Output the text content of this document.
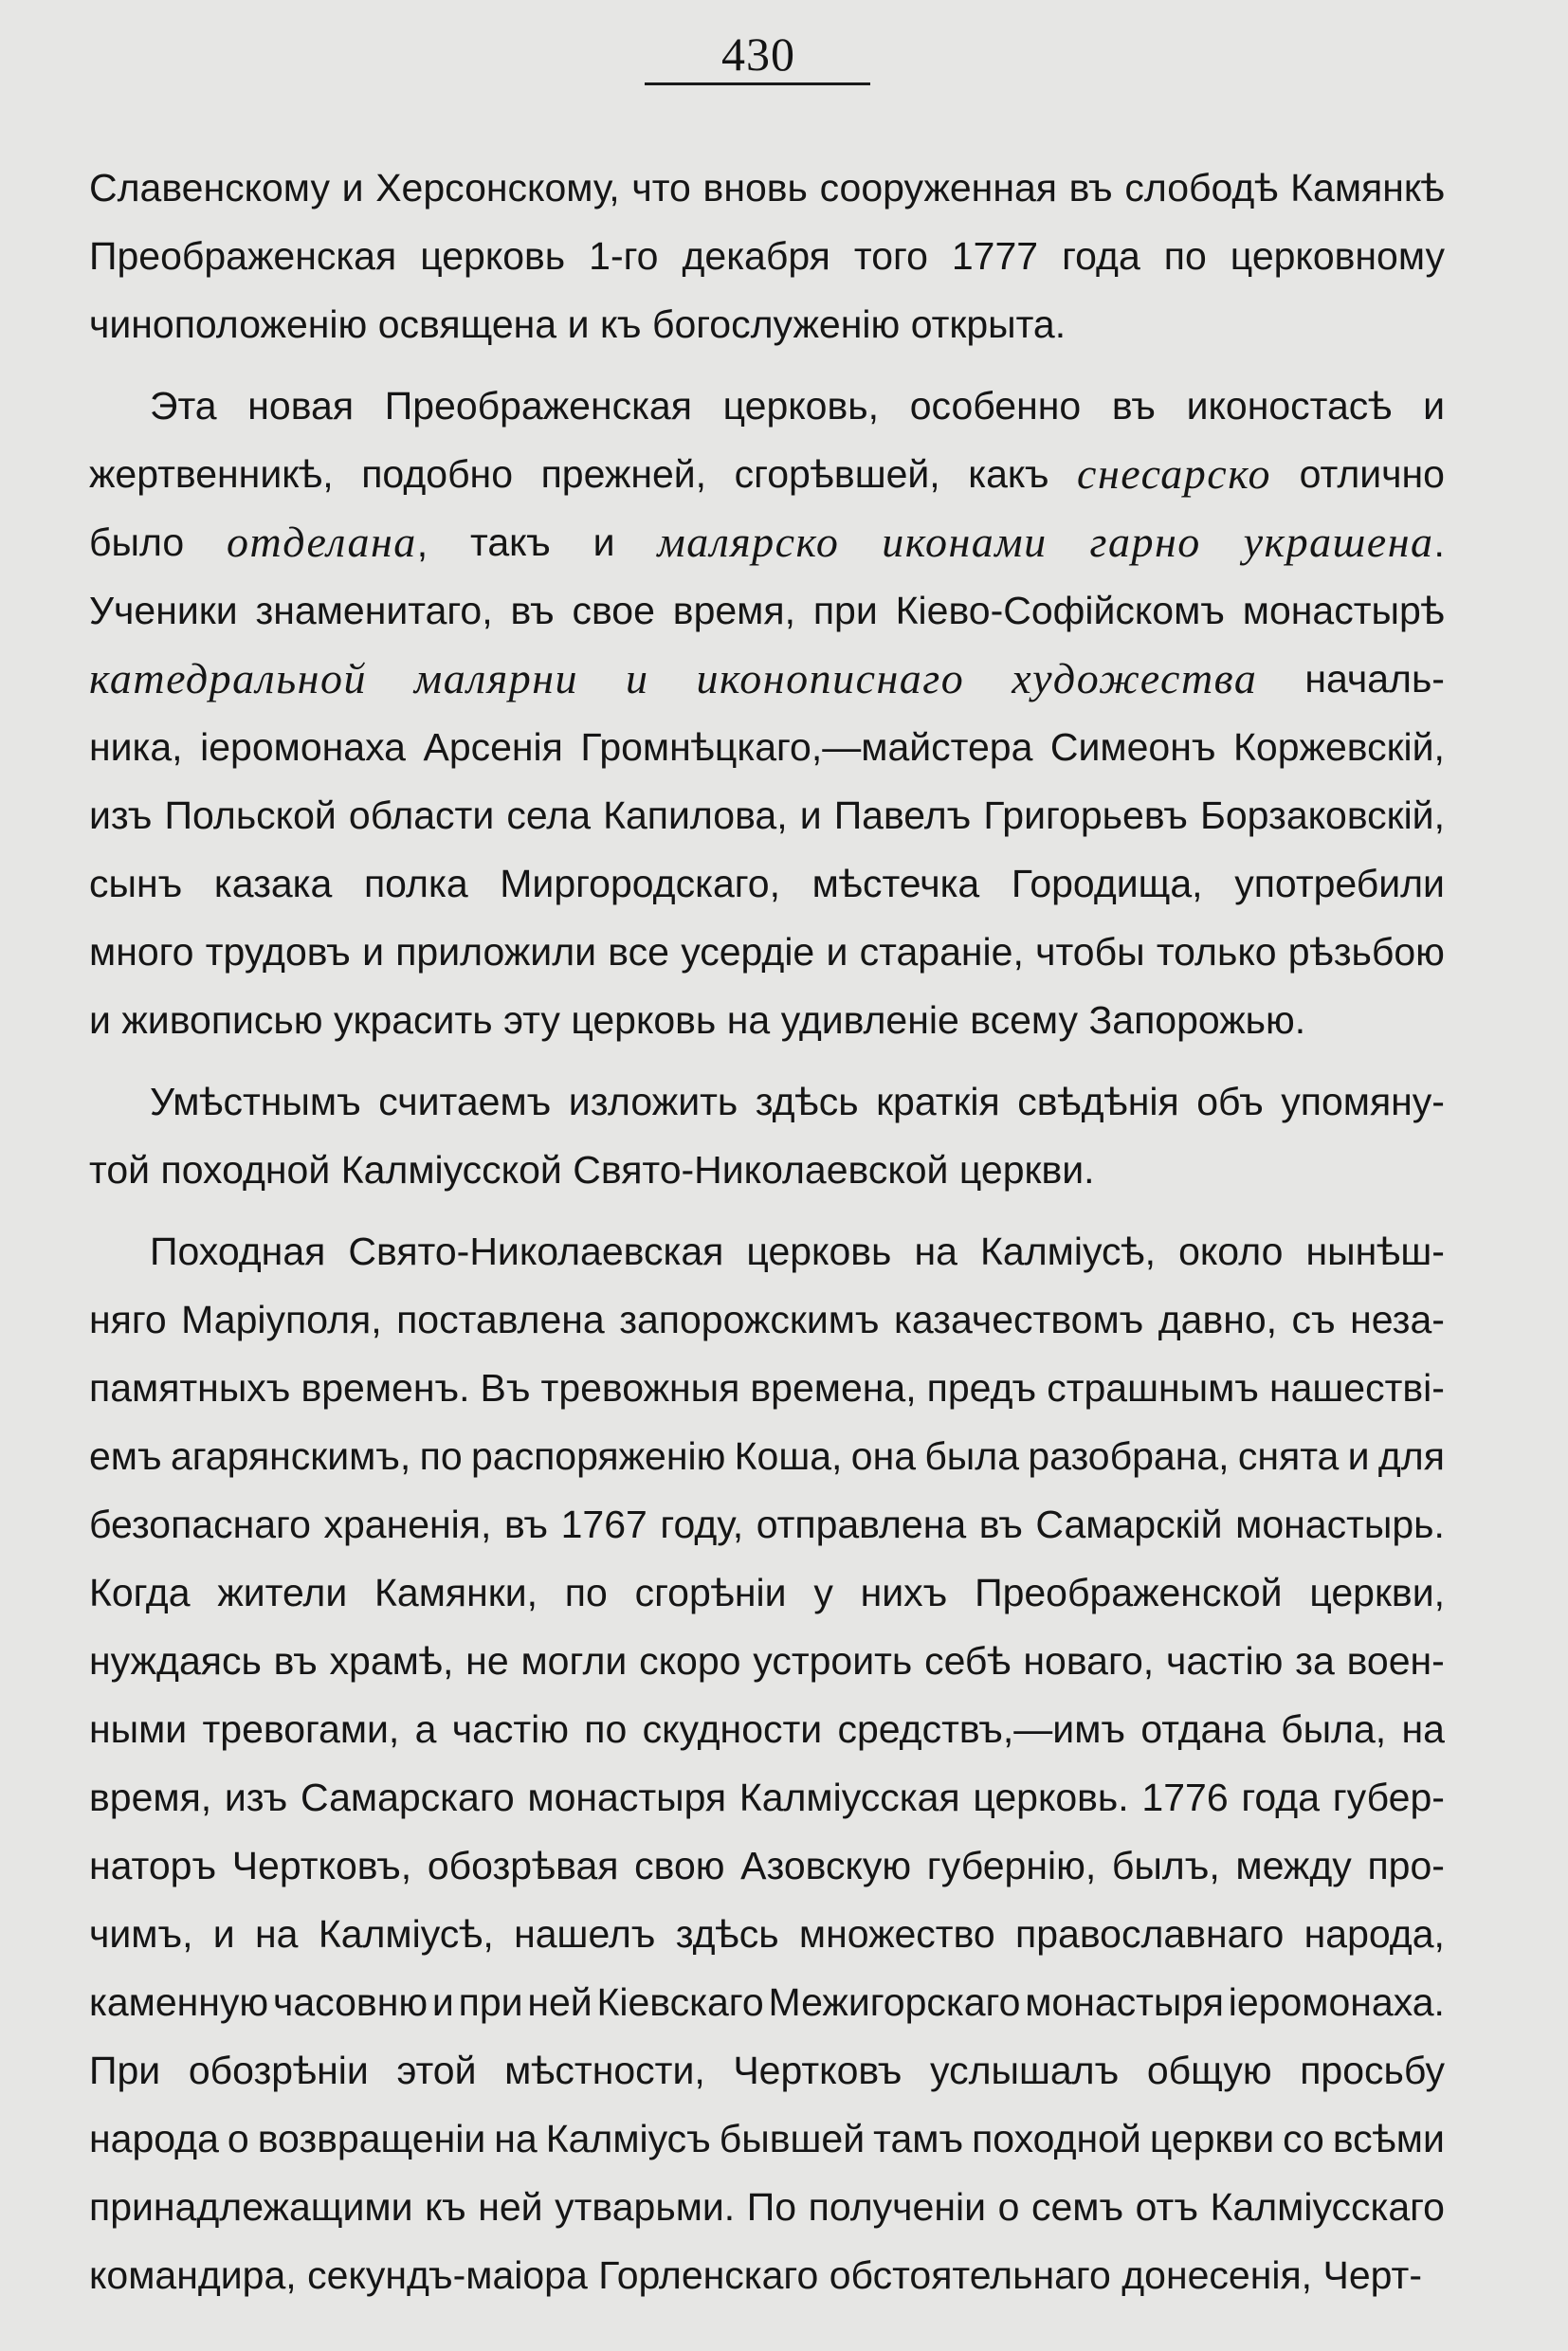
430
Славенскому и Херсонскому, что вновь сооруженная въ слободѣ Камянкѣ
Преображенская церковь 1-го декабря того 1777 года по церковному
чиноположенію освящена и къ богослуженію открыта.
Эта новая Преображенская церковь, особенно въ иконостасѣ и
жертвенникѣ, подобно прежней, сгорѣвшей, какъ снесарско отлично
было отделана, такъ и малярско иконами гарно украшена.
Ученики знаменитаго, въ свое время, при Кіево-Софійскомъ монастырѣ
катедральной малярни и иконописнаго художества началь-
ника, іеромонаха Арсенія Громнѣцкаго,—майстера Симеонъ Коржевскій,
изъ Польской области села Капилова, и Павелъ Григорьевъ Борзаковскій,
сынъ казака полка Миргородскаго, мѣстечка Городища, употребили
много трудовъ и приложили все усердіе и стараніе, чтобы только рѣзьбою
и живописью украсить эту церковь на удивленіе всему Запорожью.
Умѣстнымъ считаемъ изложить здѣсь краткія свѣдѣнія объ упомяну-
той походной Калміусской Свято-Николаевской церкви.
Походная Свято-Николаевская церковь на Калміусѣ, около нынѣш-
няго Маріуполя, поставлена запорожскимъ казачествомъ давно, съ неза-
памятныхъ временъ. Въ тревожныя времена, предъ страшнымъ нашестві-
емъ агарянскимъ, по распоряженію Коша, она была разобрана, снята и для
безопаснаго храненія, въ 1767 году, отправлена въ Самарскій монастырь.
Когда жители Камянки, по сгорѣніи у нихъ Преображенской церкви,
нуждаясь въ храмѣ, не могли скоро устроить себѣ новаго, частію за воен-
ными тревогами, а частію по скудности средствъ,—имъ отдана была, на
время, изъ Самарскаго монастыря Калміусская церковь. 1776 года губер-
наторъ Чертковъ, обозрѣвая свою Азовскую губернію, былъ, между про-
чимъ, и на Калміусѣ, нашелъ здѣсь множество православнаго народа,
каменную часовню и при ней Кіевскаго Межигорскаго монастыря іеромонаха.
При обозрѣніи этой мѣстности, Чертковъ услышалъ общую просьбу
народа о возвращеніи на Калміусъ бывшей тамъ походной церкви со всѣми
принадлежащими къ ней утварьми. По полученіи о семъ отъ Калміусскаго
командира, секундъ-маіора Горленскаго обстоятельнаго донесенія, Черт-
